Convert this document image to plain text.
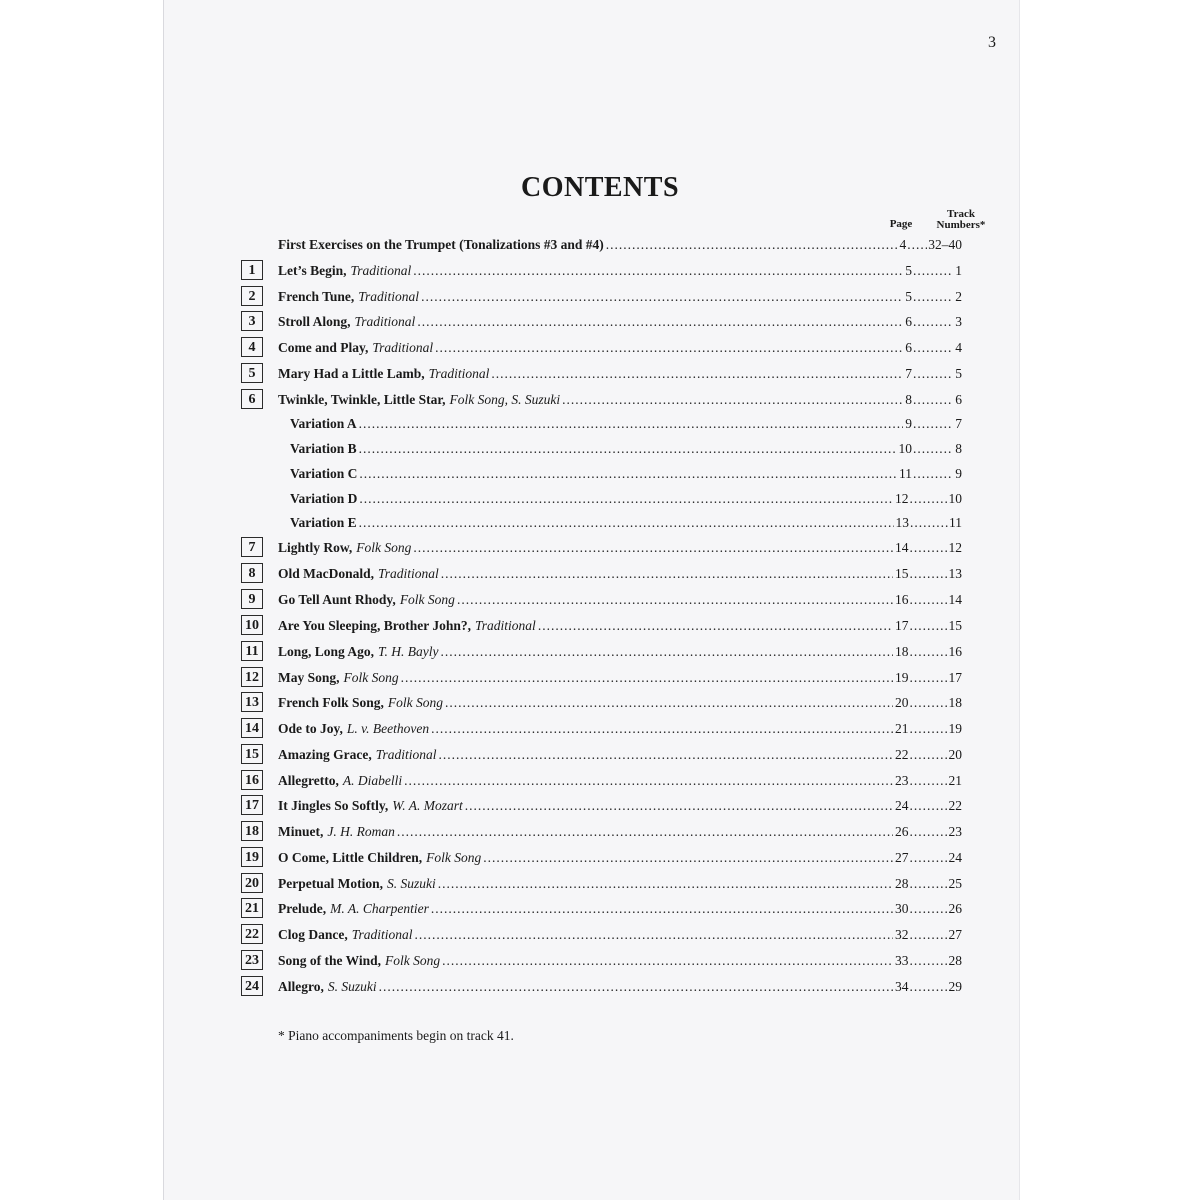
3
CONTENTS
Page
Track
Numbers*
First Exercises on the Trumpet (Tonalizations #3 and #4) .....	4 ..... 32–40
1	Let’s Begin, Traditional .....	5 .....	1
2	French Tune, Traditional .....	5 .....	2
3	Stroll Along, Traditional .....	6 .....	3
4	Come and Play, Traditional .....	6 .....	4
5	Mary Had a Little Lamb, Traditional .....	7 .....	5
6	Twinkle, Twinkle, Little Star, Folk Song, S. Suzuki .....	8 .....	6
Variation A .....	9 .....	7
Variation B .....	10 .....	8
Variation C .....	11 .....	9
Variation D .....	12 .....	10
Variation E .....	13 .....	11
7	Lightly Row, Folk Song .....	14 .....	12
8	Old MacDonald, Traditional .....	15 .....	13
9	Go Tell Aunt Rhody, Folk Song .....	16 .....	14
10 Are You Sleeping, Brother John?, Traditional .....	17 .....	15
11	Long, Long Ago, T. H. Bayly .....	18 .....	16
12 May Song, Folk Song .....	19 .....	17
13 French Folk Song, Folk Song .....	20 .....	18
14 Ode to Joy, L. v. Beethoven .....	21 .....	19
15 Amazing Grace, Traditional .....	22 .....	20
16 Allegretto, A. Diabelli .....	23 .....	21
17 It Jingles So Softly, W. A. Mozart .....	24 .....	22
18 Minuet, J. H. Roman .....	26 .....	23
19 O Come, Little Children, Folk Song .....	27 .....	24
20 Perpetual Motion, S. Suzuki .....	28 .....	25
21 Prelude, M. A. Charpentier .....	30 .....	26
22 Clog Dance, Traditional .....	32 .....	27
23 Song of the Wind, Folk Song .....	33 .....	28
24 Allegro, S. Suzuki .....	34 .....	29
* Piano accompaniments begin on track 41.
